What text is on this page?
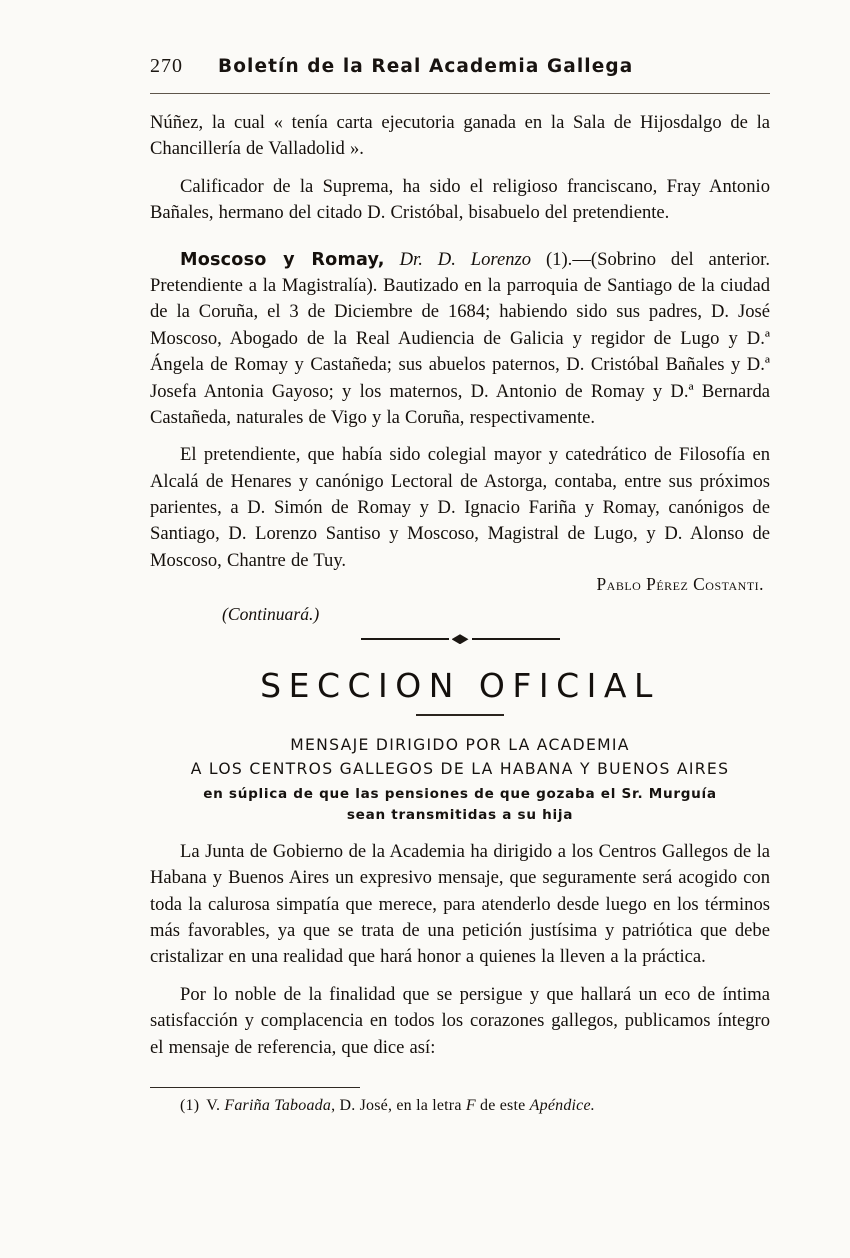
270	Boletín de la Real Academia Gallega

Núñez, la cual « tenía carta ejecutoria ganada en la Sala de Hijosdalgo de la Chancillería de Valladolid ».

Calificador de la Suprema, ha sido el religioso franciscano, Fray Antonio Bañales, hermano del citado D. Cristóbal, bisabuelo del pretendiente.

Moscoso y Romay, Dr. D. Lorenzo (1).—(Sobrino del anterior. Pretendiente a la Magistralía). Bautizado en la parroquia de Santiago de la ciudad de la Coruña, el 3 de Diciembre de 1684; habiendo sido sus padres, D. José Moscoso, Abogado de la Real Audiencia de Galicia y regidor de Lugo y D.ª Ángela de Romay y Castañeda; sus abuelos paternos, D. Cristóbal Bañales y D.ª Josefa Antonia Gayoso; y los maternos, D. Antonio de Romay y D.ª Bernarda Castañeda, naturales de Vigo y la Coruña, respectivamente.

El pretendiente, que había sido colegial mayor y catedrático de Filosofía en Alcalá de Henares y canónigo Lectoral de Astorga, contaba, entre sus próximos parientes, a D. Simón de Romay y D. Ignacio Fariña y Romay, canónigos de Santiago, D. Lorenzo Santiso y Moscoso, Magistral de Lugo, y D. Alonso de Moscoso, Chantre de Tuy.

Pablo Pérez Costanti.

(Continuará.)

SECCION OFICIAL
MENSAJE DIRIGIDO POR LA ACADEMIA
A LOS CENTROS GALLEGOS DE LA HABANA Y BUENOS AIRES
en súplica de que las pensiones de que gozaba el Sr. Murguía
sean transmitidas a su hija

La Junta de Gobierno de la Academia ha dirigido a los Centros Gallegos de la Habana y Buenos Aires un expresivo mensaje, que seguramente será acogido con toda la calurosa simpatía que merece, para atenderlo desde luego en los términos más favorables, ya que se trata de una petición justísima y patriótica que debe cristalizar en una realidad que hará honor a quienes la lleven a la práctica.

Por lo noble de la finalidad que se persigue y que hallará un eco de íntima satisfacción y complacencia en todos los corazones gallegos, publicamos íntegro el mensaje de referencia, que dice así:

(1) V. Fariña Taboada, D. José, en la letra F de este Apéndice.
